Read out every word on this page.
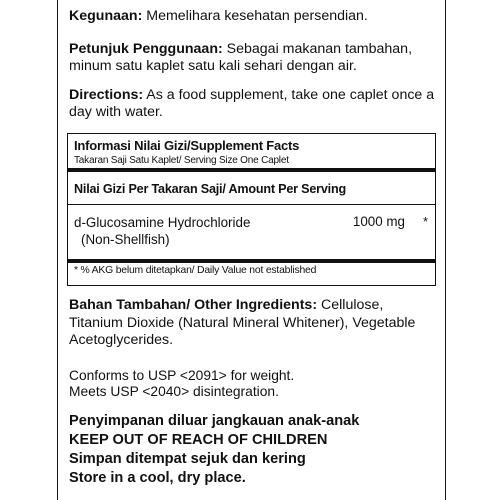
Kegunaan: Memelihara kesehatan persendian.
Petunjuk Penggunaan: Sebagai makanan tambahan, minum satu kaplet satu kali sehari dengan air.
Directions: As a food supplement, take one caplet once a day with water.
Informasi Nilai Gizi/Supplement Facts
Takaran Saji Satu Kaplet/ Serving Size One Caplet
Nilai Gizi Per Takaran Saji/ Amount Per Serving
d-Glucosamine Hydrochloride
(Non-Shellfish)
1000 mg *
* % AKG belum ditetapkan/ Daily Value not established
Bahan Tambahan/ Other Ingredients: Cellulose, Titanium Dioxide (Natural Mineral Whitener), Vegetable Acetoglycerides.
Conforms to USP <2091> for weight.
Meets USP <2040> disintegration.
Penyimpanan diluar jangkauan anak-anak
KEEP OUT OF REACH OF CHILDREN
Simpan ditempat sejuk dan kering
Store in a cool, dry place.
